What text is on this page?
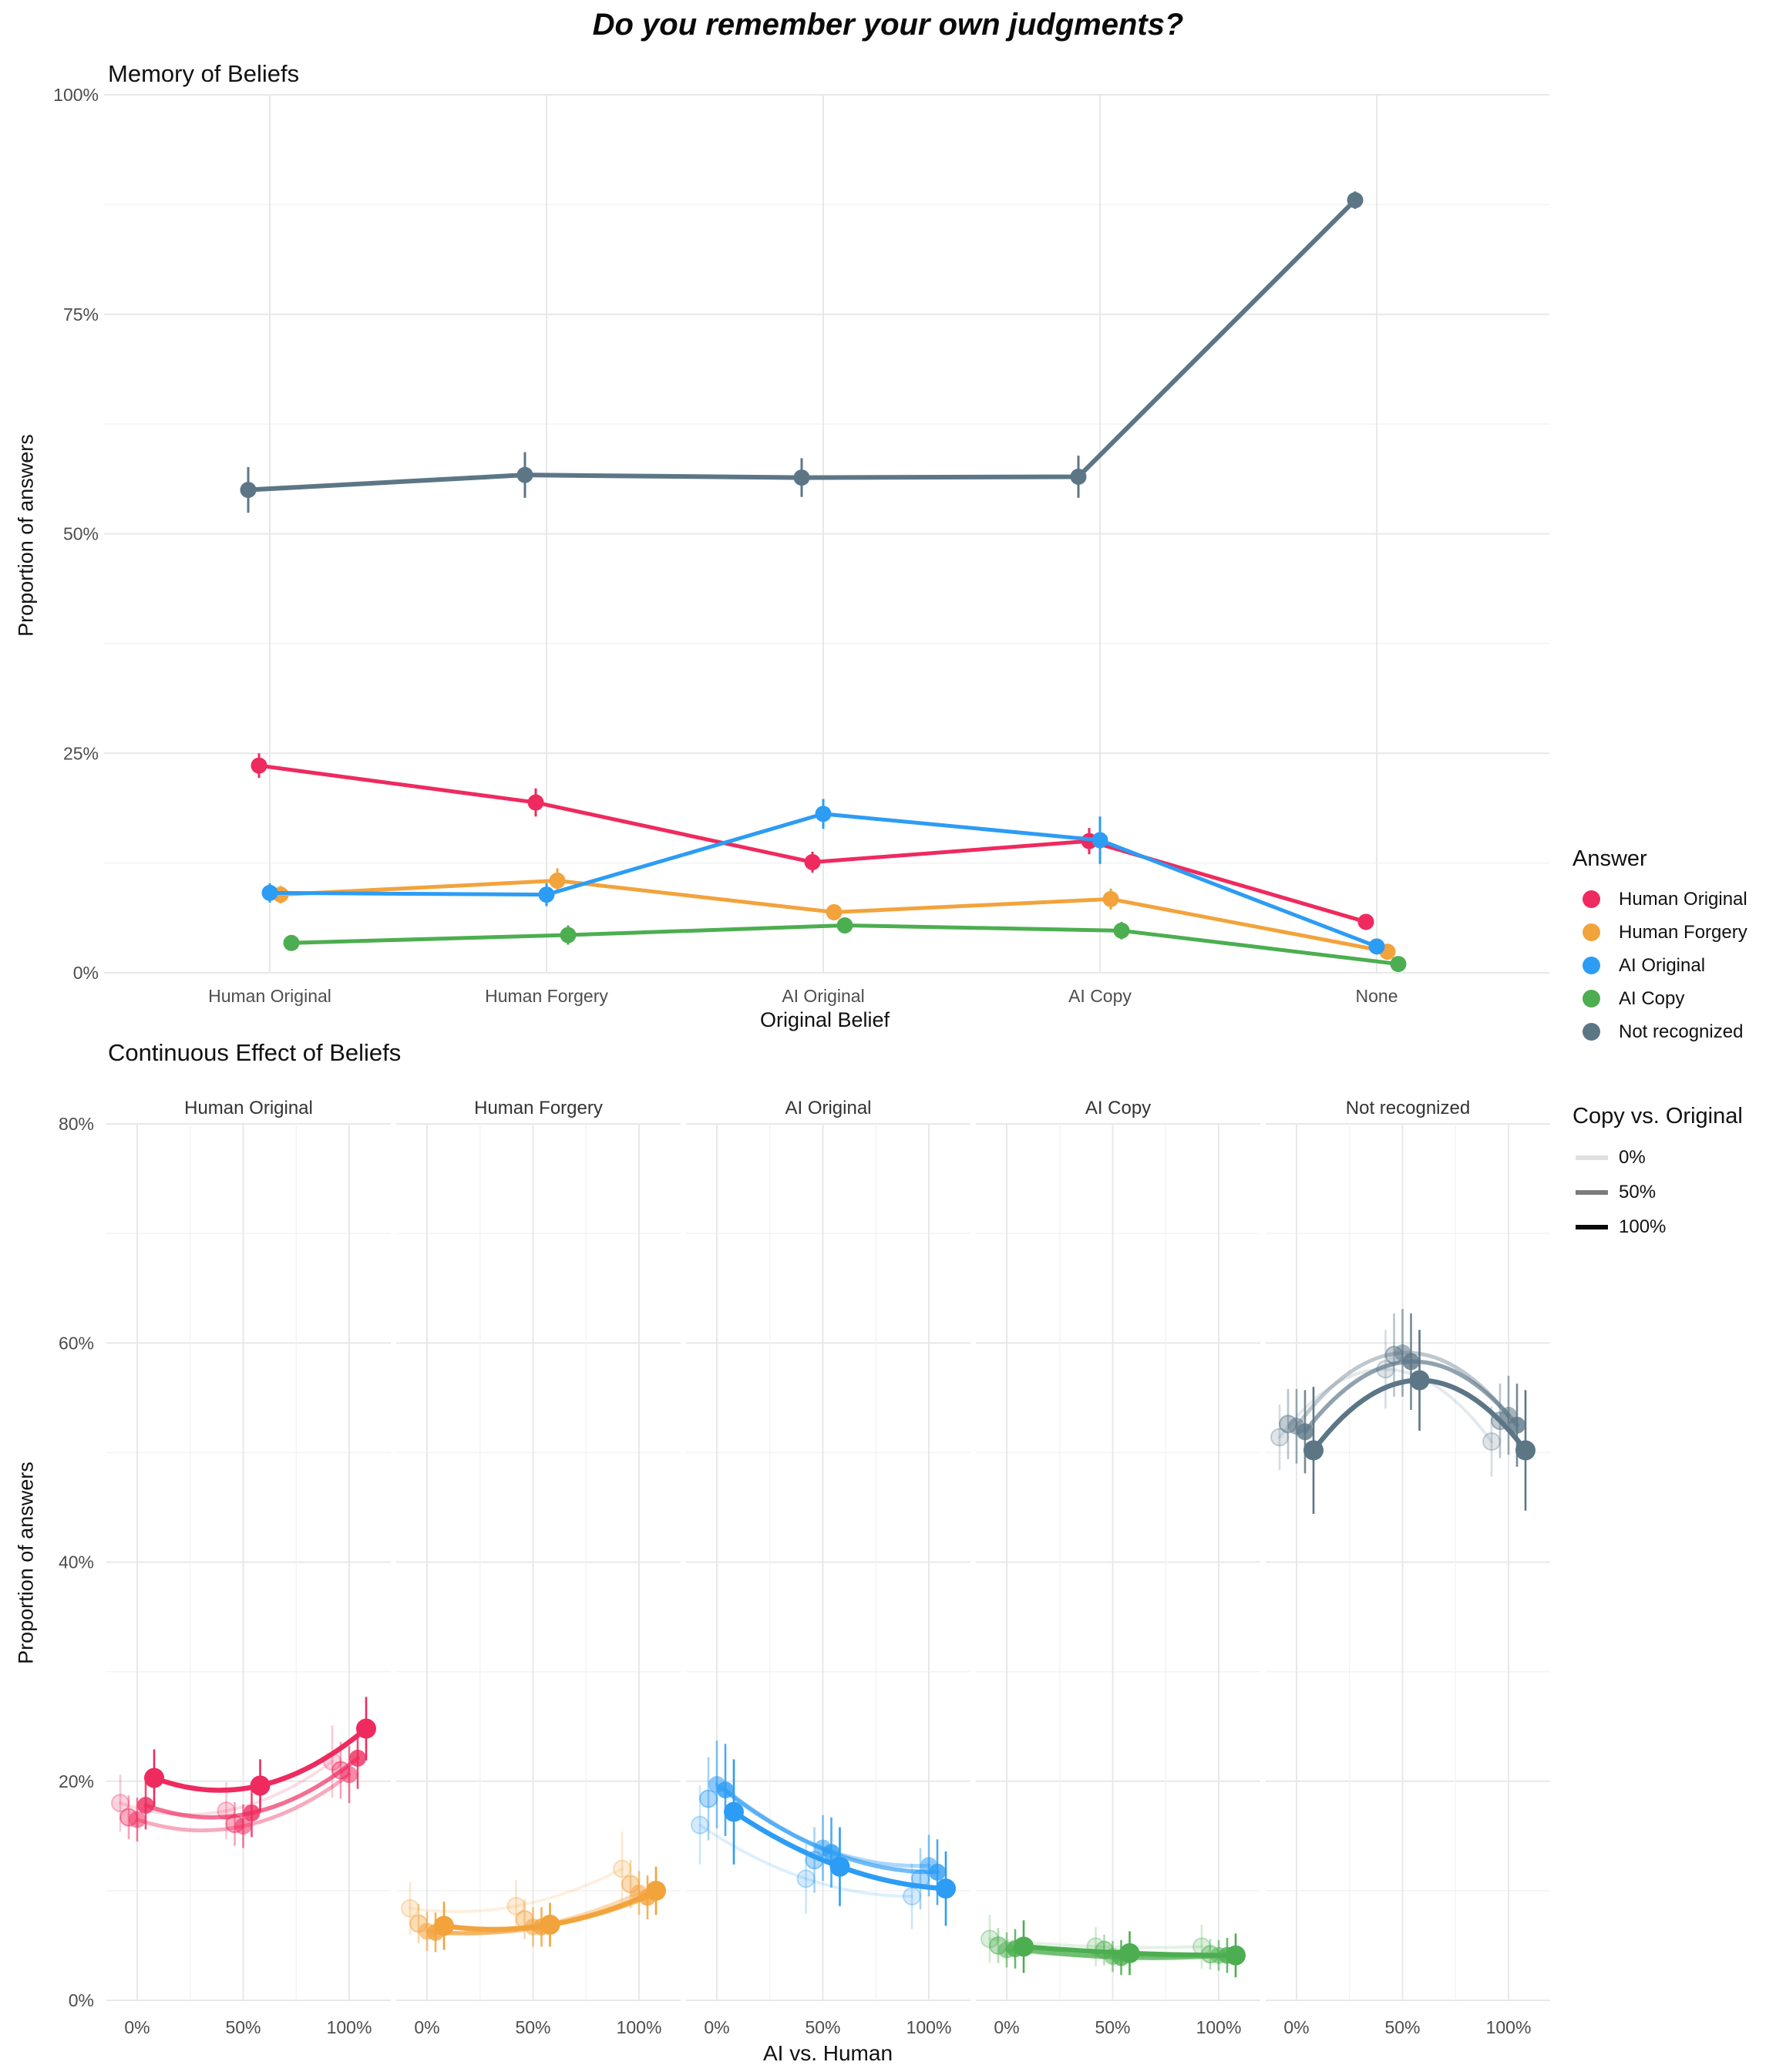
0%
25%
50%
75%
100%
Human Original	Human Forgery	AI Original	AI Copy	None
Human Original
0%	50%	100%
Human Forgery
0%	50%	100%
AI Original
0%	50%	100%
AI Copy
0%	50%	100%
Not recognized
0%	50%	100%
0%
20%
40%
60%
80%
Do you remember your own judgments?
Memory of Beliefs
Original Belief
Proportion of answers
Continuous Effect of Beliefs
AI vs. Human
Proportion of answers
Answer
Human Original
Human Forgery
AI Original
AI Copy
Not recognized
Copy vs. Original
0%
50%
100%
